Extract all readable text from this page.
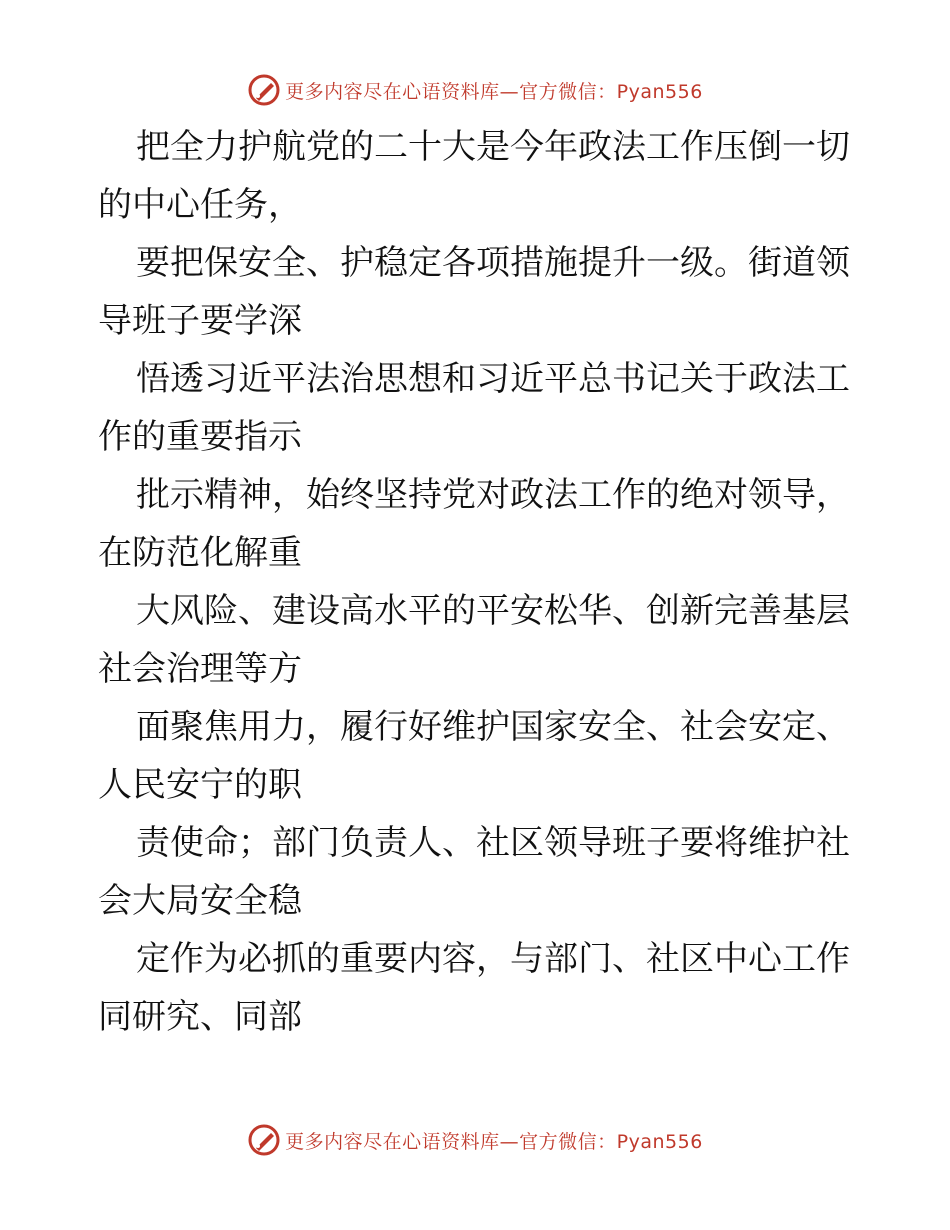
更多内容尽在心语资料库—官方微信：Pyan556

把全力护航党的二十大是今年政法工作压倒一切
的中心任务，

要把保安全、护稳定各项措施提升一级。街道领
导班子要学深

悟透习近平法治思想和习近平总书记关于政法工
作的重要指示

批示精神，始终坚持党对政法工作的绝对领导，
在防范化解重

大风险、建设高水平的平安松华、创新完善基层
社会治理等方

面聚焦用力，履行好维护国家安全、社会安定、
人民安宁的职

责使命；部门负责人、社区领导班子要将维护社
会大局安全稳

定作为必抓的重要内容，与部门、社区中心工作
同研究、同部

更多内容尽在心语资料库—官方微信：Pyan556
